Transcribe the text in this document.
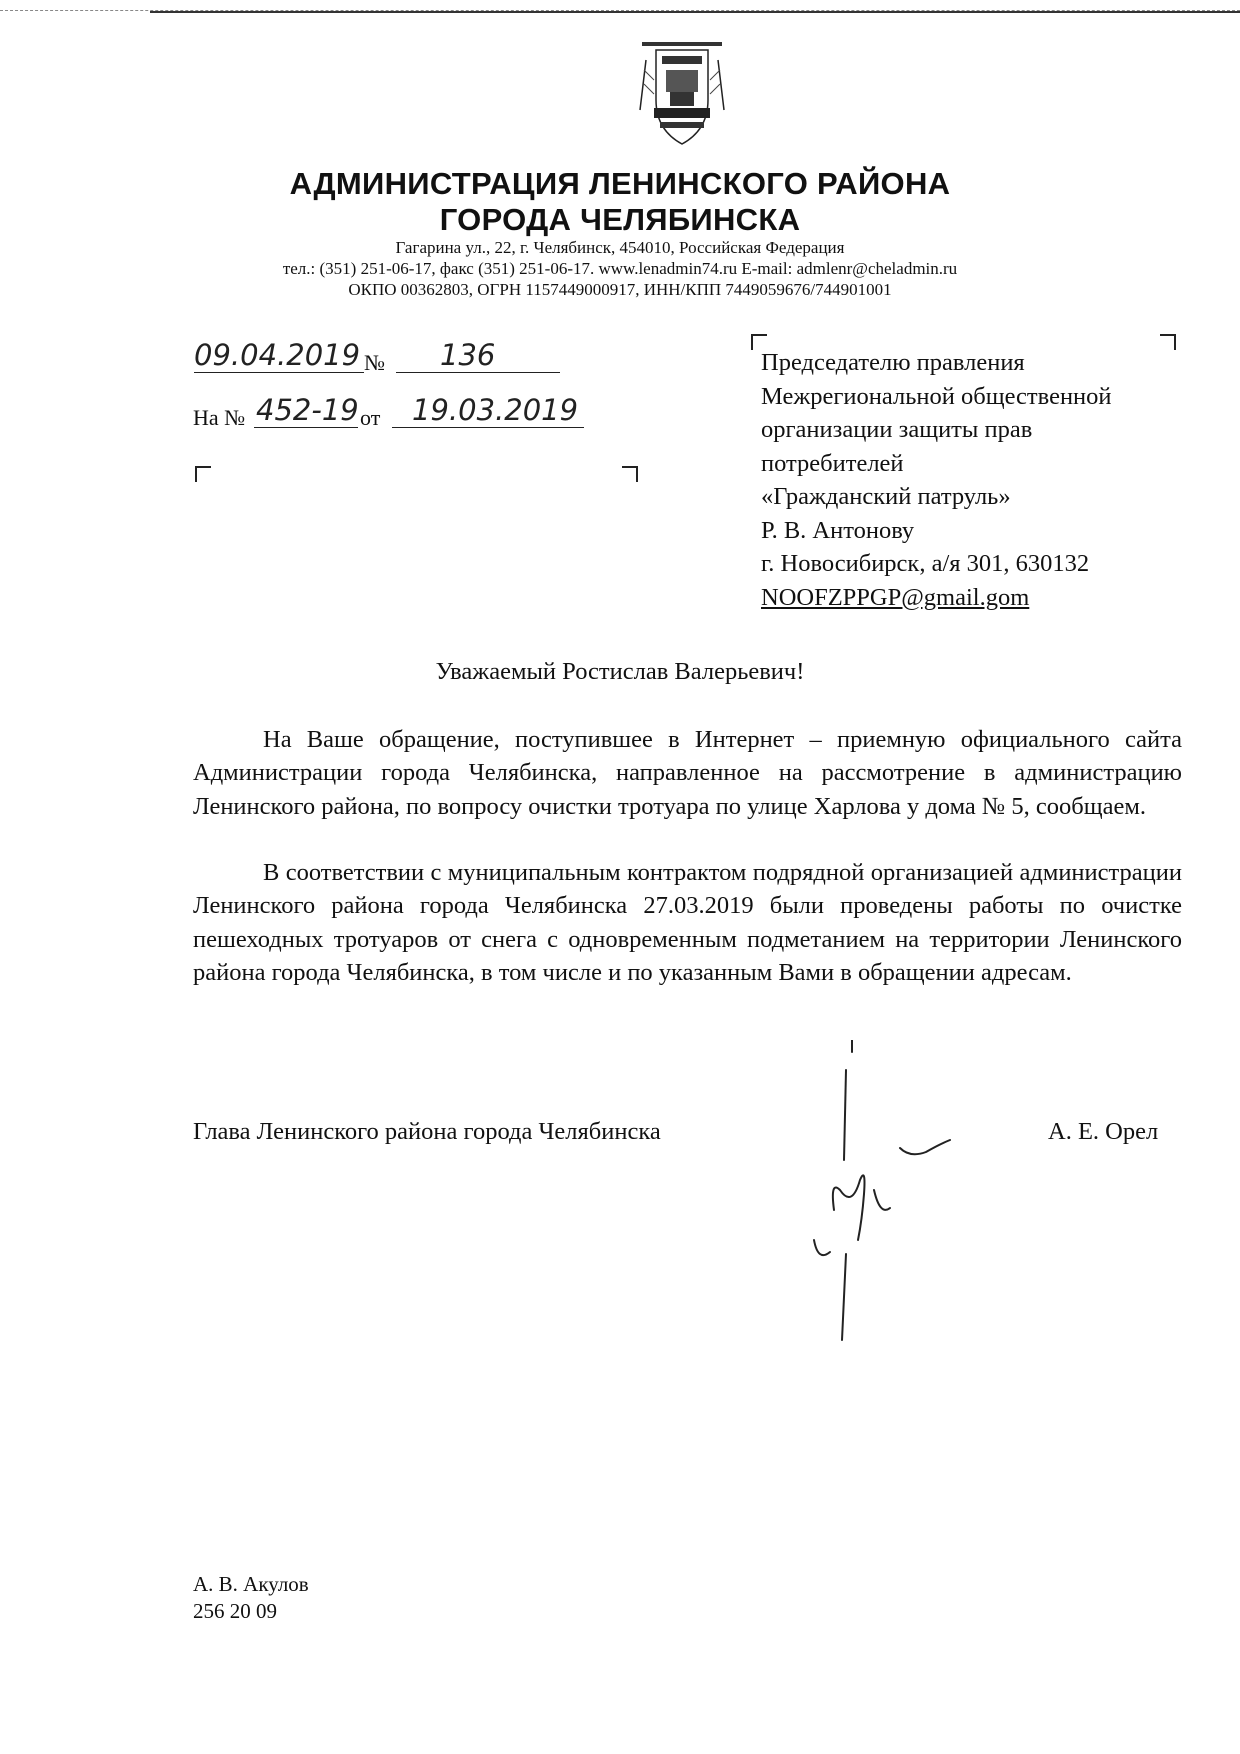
АДМИНИСТРАЦИЯ ЛЕНИНСКОГО РАЙОНА
ГОРОДА ЧЕЛЯБИНСКА

Гагарина ул., 22, г. Челябинск, 454010, Российская Федерация

тел.: (351) 251-06-17, факс (351) 251-06-17. www.lenadmin74.ru E-mail: admlenr@cheladmin.ru

ОКПО 00362803, ОГРН 1157449000917, ИНН/КПП 7449059676/744901001

09.04.2019 № 136
На № 452-19 от 19.03.2019
Председателю правления
Межрегиональной общественной
организации защиты прав
потребителей
«Гражданский патруль»
Р. В. Антонову
г. Новосибирск, а/я 301, 630132
NOOFZPPGP@gmail.gom

Уважаемый Ростислав Валерьевич!

На Ваше обращение, поступившее в Интернет – приемную официального сайта Администрации города Челябинска, направленное на рассмотрение в администрацию Ленинского района, по вопросу очистки тротуара по улице Харлова у дома № 5, сообщаем.

В соответствии с муниципальным контрактом подрядной организацией администрации Ленинского района города Челябинска 27.03.2019 были проведены работы по очистке пешеходных тротуаров от снега с одновременным подметанием на территории Ленинского района города Челябинска, в том числе и по указанным Вами в обращении адресам.

Глава Ленинского района города Челябинска	А. Е. Орел
А. В. Акулов
256 20 09
